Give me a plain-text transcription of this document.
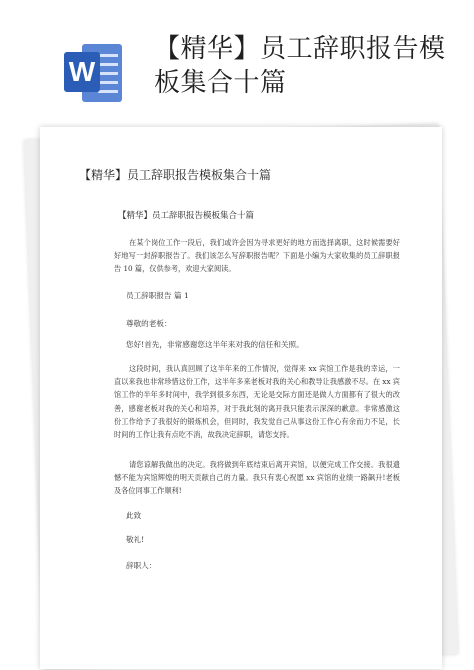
W
【精华】员工辞职报告模板集合十篇
【精华】员工辞职报告模板集合十篇
【精华】员工辞职报告模板集合十篇

在某个岗位工作一段后，我们或许会因为寻求更好的地方而选择离职，这时候需要好好地写一封辞职报告了。我们该怎么写辞职报告呢？下面是小编为大家收集的员工辞职报告 10 篇，仅供参考，欢迎大家阅读。

员工辞职报告 篇 1
尊敬的老板：
您好!首先，非常感谢您这半年来对我的信任和关照。

这段时间，我认真回顾了这半年来的工作情况，觉得来 xx 宾馆工作是我的幸运，一直以来我也非常珍惜这份工作，这半年多来老板对我的关心和教导让我感激不尽。在 xx 宾馆工作的半年多时间中，我学到很多东西，无论是交际方面还是做人方面都有了很大的改善，感谢老板对我的关心和培养，对于我此刻的离开我只能表示深深的歉意。非常感激这份工作给予了我很好的锻炼机会，但同时，我发觉自己从事这份工作心有余而力不足，长时间的工作让我有点吃不消，故我决定辞职，请您支持。

请您谅解我做出的决定。我将做到年底结束后离开宾馆，以便完成工作交接。我很遗憾不能为宾馆辉煌的明天贡献自己的力量。我只有衷心祝愿 xx 宾馆的业绩一路飙升!老板及各位同事工作顺利!

此致
敬礼!
辞职人：
